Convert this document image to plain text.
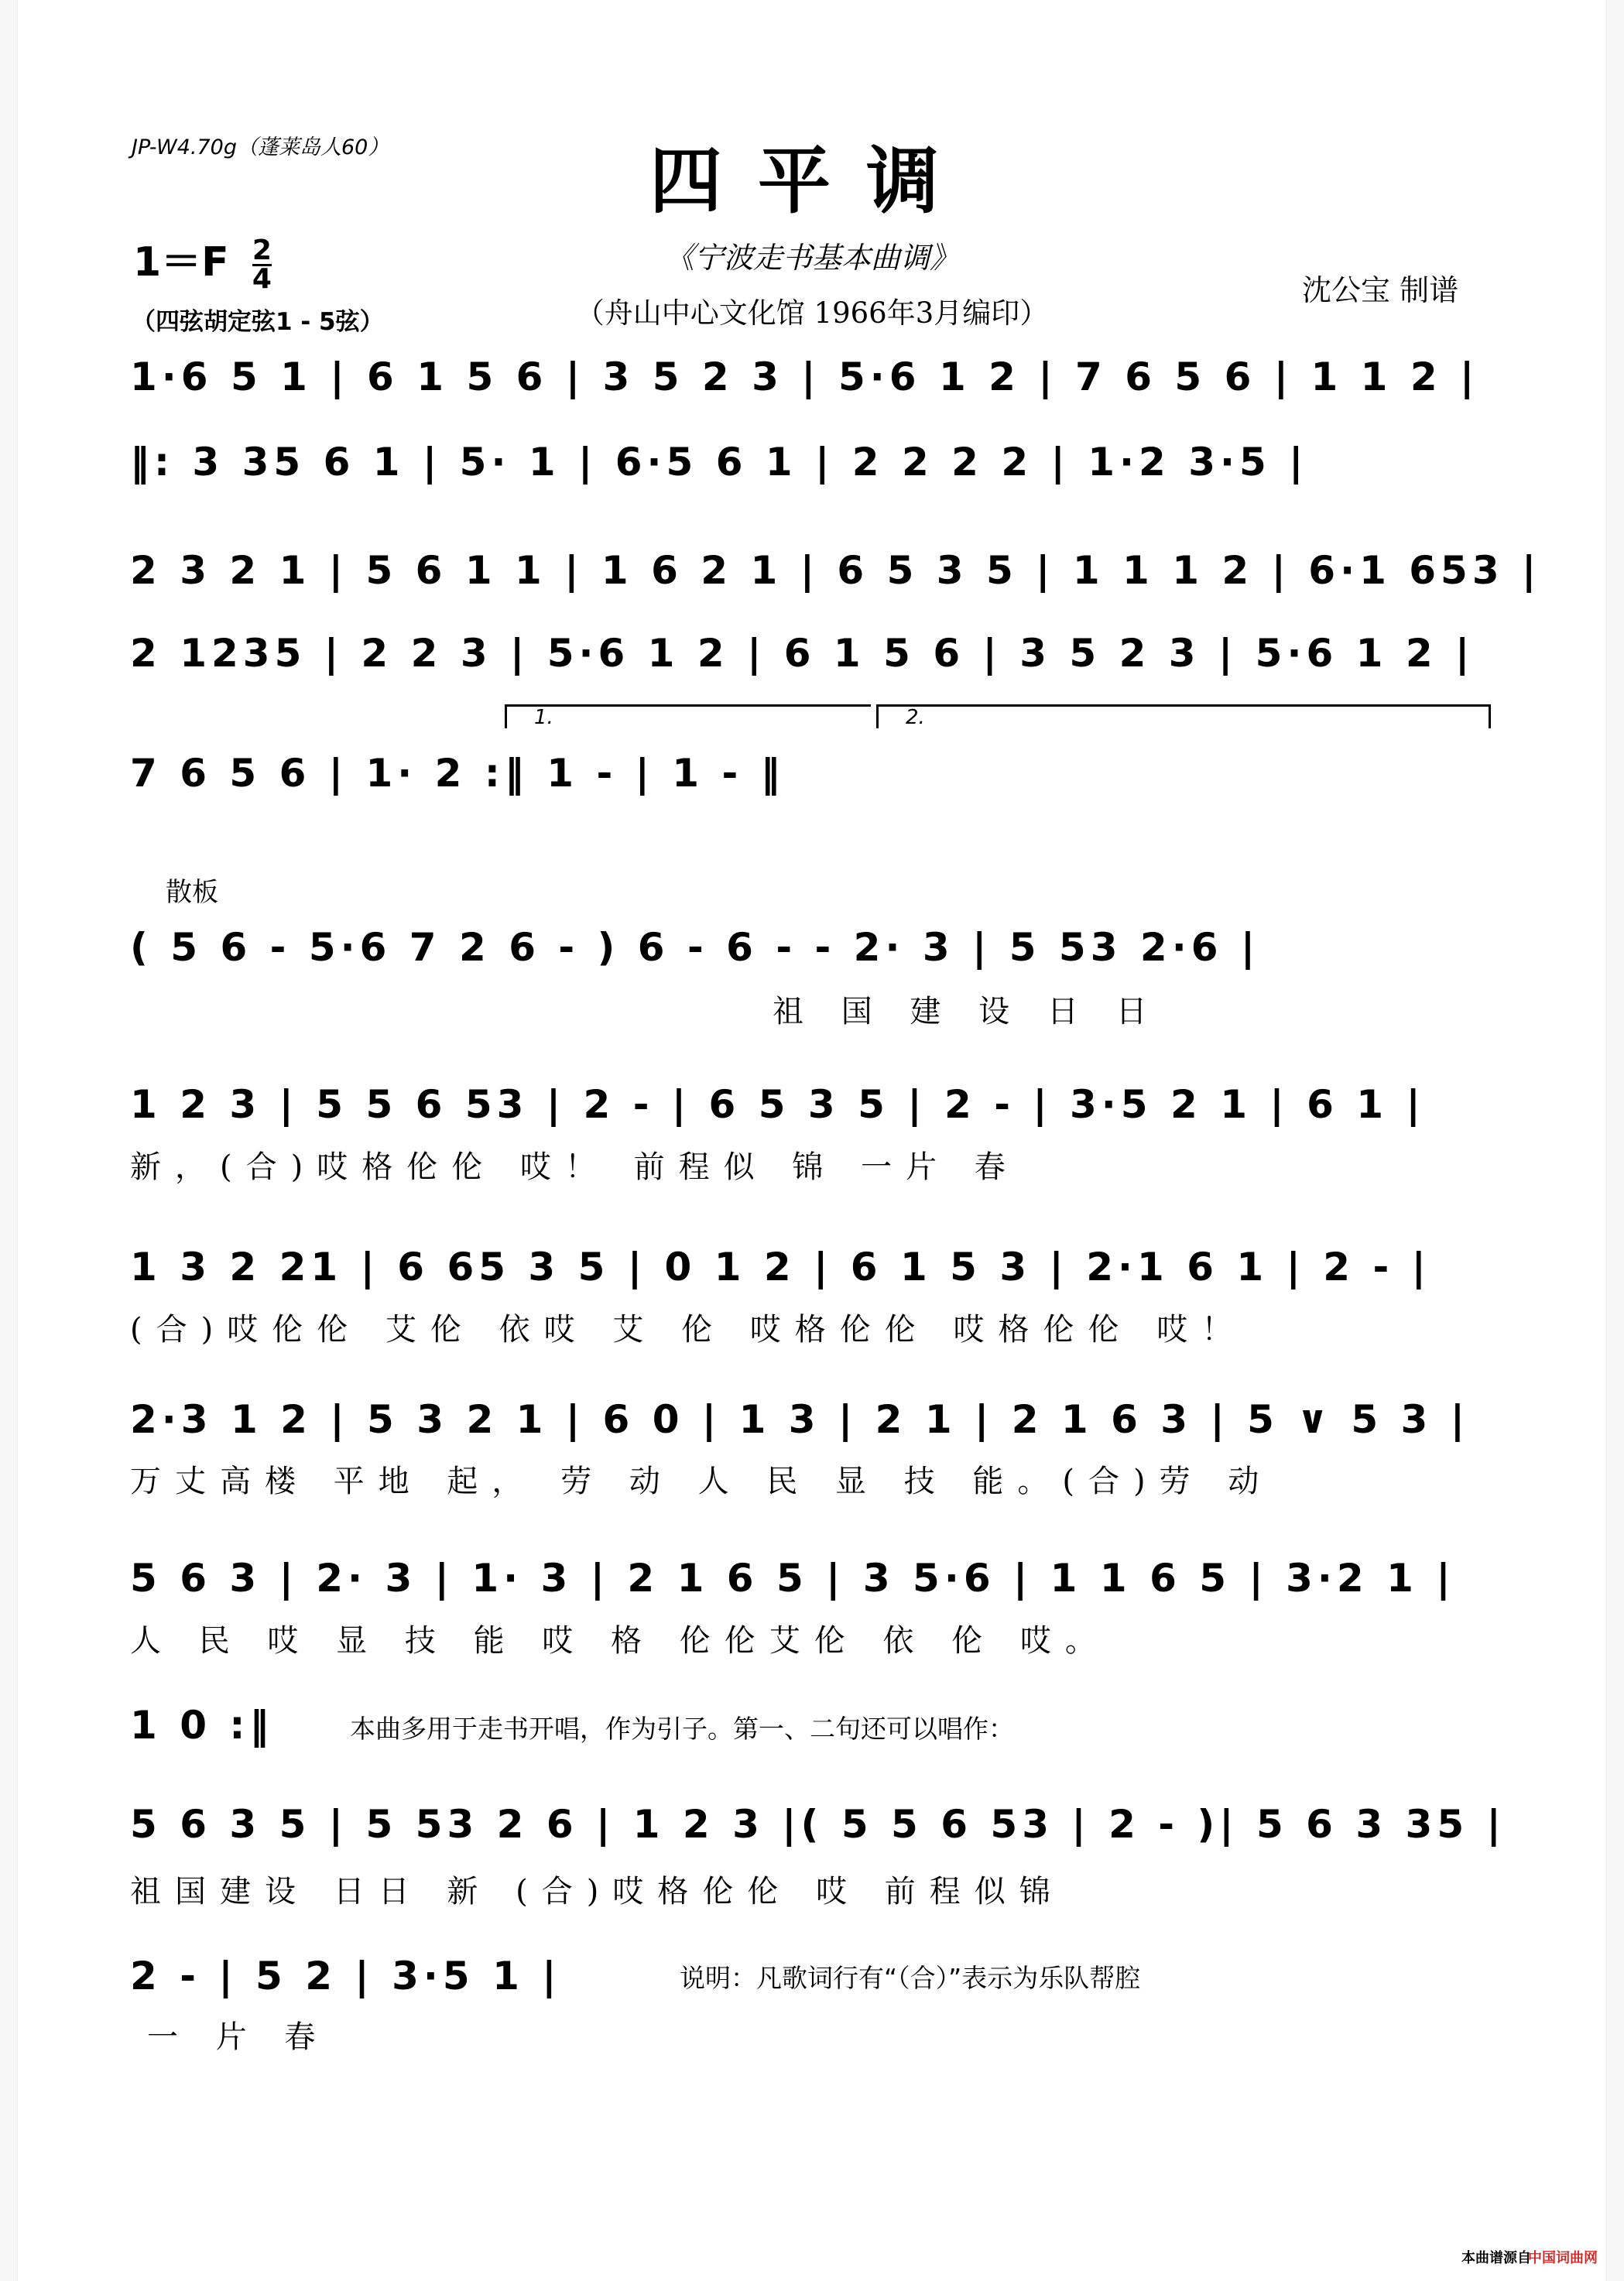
JP-W4.70g（蓬莱岛人60）	四平调
$1=F \frac{2}{4}$	《宁波走书基本曲调》
（舟山中心文化馆 1966年3月编印）
沈公宝 制谱
（四弦胡定弦1 - 5弦）
1·6 5 1 | 6 1 5 6 | 3 5 2 3 | 5·6 1 2 | 7 6 5 6 | 1 1 2 |
‖: 3 35 6 1 | 5· 1 | 6·5 6 1 | 2 2 2 2 | 1·2 3·5 |
2 3 2 1 | 5 6 1 1 | 1 6 2 1 | 6 5 3 5 | 1 1 1 2 | 6·1 653 |
2 1235 | 2 2 3 | 5·6 1 2 | 6 1 5 6 | 3 5 2 3 | 5·6 1 2 |
1.	2.
7 6 5 6 | 1· 2 :‖ 1 - | 1 - ‖
散板
( 5 6 - 5·6 7 2 6 - ) 6 - 6 - - 2· 3 | 5 53 2·6 |
祖 国 建 设 日 日
1 2 3 | 5 5 6 53 | 2 - | 6 5 3 5 | 2 - | 3·5 2 1 | 6 1 |
新，(合)哎格伦伦 哎！ 前程似 锦 一片 春
1 3 2 21 | 6 65 3 5 | 0 1 2 | 6 1 5 3 | 2·1 6 1 | 2 - |
(合)哎伦伦 艾伦 依哎 艾 伦 哎格伦伦 哎格伦伦 哎！
2·3 1 2 | 5 3 2 1 | 6 0 | 1 3 | 2 1 | 2 1 6 3 | 5 ∨ 5 3 |
万丈高楼 平地 起， 劳 动 人 民 显 技 能。(合)劳 动
5 6 3 | 2· 3 | 1· 3 | 2 1 6 5 | 3 5·6 | 1 1 6 5 | 3·2 1 |
人 民 哎 显 技 能 哎 格 伦伦艾伦 依 伦 哎。
1 0 :‖	本曲多用于走书开唱，作为引子。第一、二句还可以唱作：
5 6 3 5 | 5 53 2 6 | 1 2 3 |( 5 5 6 53 | 2 - )| 5 6 3 35 |
祖国建设 日日 新 (合)哎格伦伦 哎 前程似锦
2 - | 5 2 | 3·5 1 |	说明：凡歌词行有“（合）”表示为乐队帮腔
一 片 春
本曲谱源自
中国词曲网
